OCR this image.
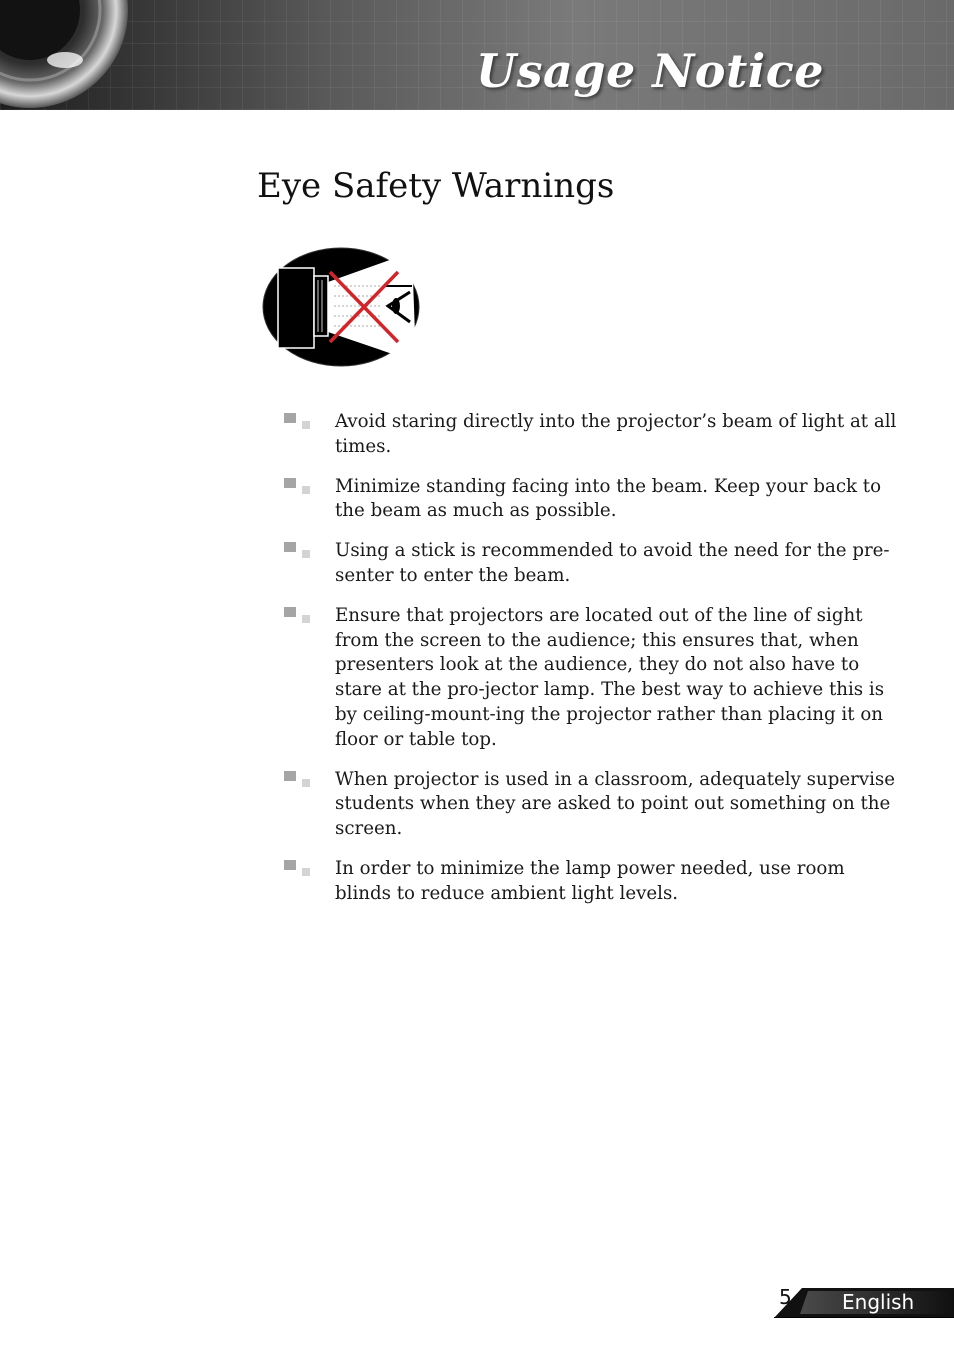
Usage Notice
Eye Safety Warnings
Avoid staring directly into the projector’s beam of light at all times.
Minimize standing facing into the beam. Keep your back to the beam as much as possible.
Using a stick is recommended to avoid the need for the pre-senter to enter the beam.
Ensure that projectors are located out of the line of sight from the screen to the audience; this ensures that, when presenters look at the audience, they do not also have to stare at the pro-jector lamp. The best way to achieve this is by ceiling-mount-ing the projector rather than placing it on floor or table top.
When projector is used in a classroom, adequately supervise students when they are asked to point out something on the screen.
In order to minimize the lamp power needed, use room blinds to reduce ambient light levels.
5	English
